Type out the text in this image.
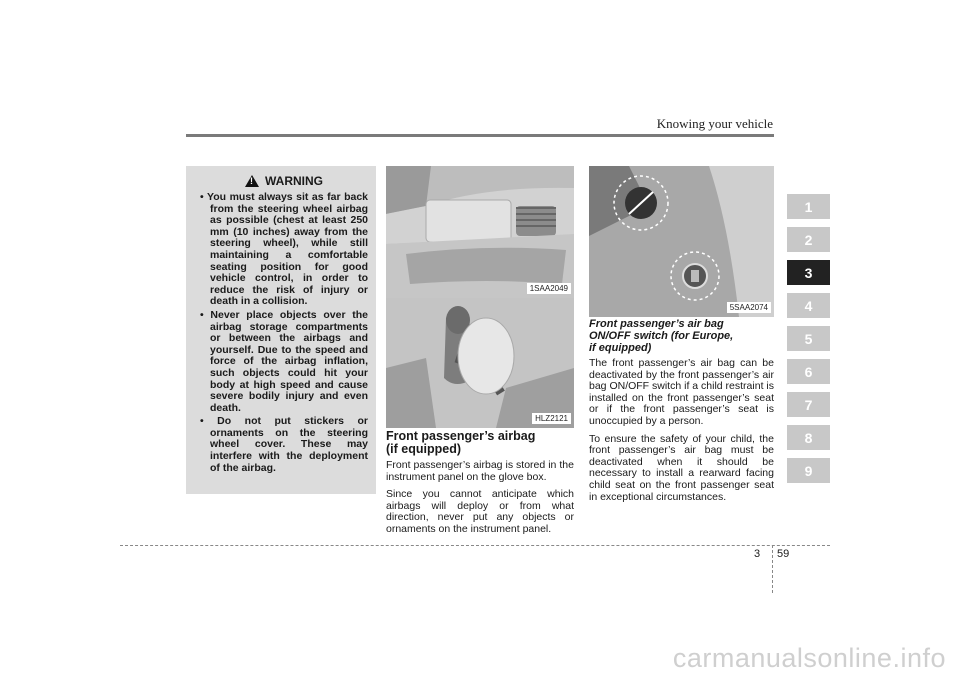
Knowing your vehicle
!
WARNING
• You must always sit as far back from the steering wheel airbag as possible (chest at least 250 mm (10 inches) away from the steering wheel), while still maintaining a comfortable seating position for good vehicle control, in order to reduce the risk of injury or death in a collision.
• Never place objects over the airbag storage compartments or between the airbags and yourself. Due to the speed and force of the airbag inflation, such objects could hit your body at high speed and cause severe bodily injury and even death.
• Do not put stickers or ornaments on the steering wheel cover. These may interfere with the deployment of the airbag.
1SAA2049
HLZ2121
Front passenger’s airbag
(if equipped)

Front passenger’s airbag is stored in the instrument panel on the glove box.

Since you cannot anticipate which airbags will deploy or from what direction, never put any objects or ornaments on the instrument panel.

5SAA2074
Front passenger’s air bag
ON/OFF switch (for Europe,
if equipped)

The front passenger’s air bag can be deactivated by the front passenger’s air bag ON/OFF switch if a child restraint is installed on the front passenger’s seat or if the front passenger’s seat is unoccupied by a person.

To ensure the safety of your child, the front passenger’s air bag must be deactivated when it should be necessary to install a rearward facing child seat on the front passenger seat in exceptional circumstances.

1
2
3
4
5
6
7
8
9
3 59
carmanualsonline.info
